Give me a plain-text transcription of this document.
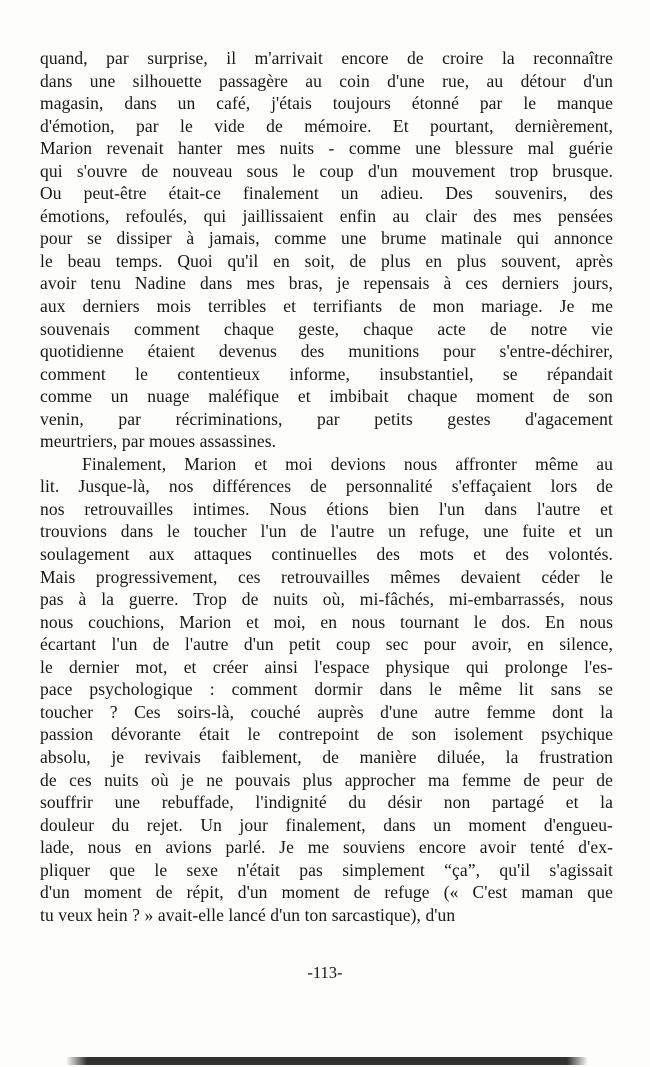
quand, par surprise, il m'arrivait encore de croire la reconnaître
dans une silhouette passagère au coin d'une rue, au détour d'un
magasin, dans un café, j'étais toujours étonné par le manque
d'émotion, par le vide de mémoire. Et pourtant, dernièrement,
Marion revenait hanter mes nuits - comme une blessure mal guérie
qui s'ouvre de nouveau sous le coup d'un mouvement trop brusque.
Ou peut-être était-ce finalement un adieu. Des souvenirs, des
émotions, refoulés, qui jaillissaient enfin au clair des mes pensées
pour se dissiper à jamais, comme une brume matinale qui annonce
le beau temps. Quoi qu'il en soit, de plus en plus souvent, après
avoir tenu Nadine dans mes bras, je repensais à ces derniers jours,
aux derniers mois terribles et terrifiants de mon mariage. Je me
souvenais comment chaque geste, chaque acte de notre vie
quotidienne étaient devenus des munitions pour s'entre-déchirer,
comment le contentieux informe, insubstantiel, se répandait
comme un nuage maléfique et imbibait chaque moment de son
venin, par récriminations, par petits gestes d'agacement
meurtriers, par moues assassines.

Finalement, Marion et moi devions nous affronter même au
lit. Jusque-là, nos différences de personnalité s'effaçaient lors de
nos retrouvailles intimes. Nous étions bien l'un dans l'autre et
trouvions dans le toucher l'un de l'autre un refuge, une fuite et un
soulagement aux attaques continuelles des mots et des volontés.
Mais progressivement, ces retrouvailles mêmes devaient céder le
pas à la guerre. Trop de nuits où, mi-fâchés, mi-embarrassés, nous
nous couchions, Marion et moi, en nous tournant le dos. En nous
écartant l'un de l'autre d'un petit coup sec pour avoir, en silence,
le dernier mot, et créer ainsi l'espace physique qui prolonge l'es-
pace psychologique : comment dormir dans le même lit sans se
toucher ? Ces soirs-là, couché auprès d'une autre femme dont la
passion dévorante était le contrepoint de son isolement psychique
absolu, je revivais faiblement, de manière diluée, la frustration
de ces nuits où je ne pouvais plus approcher ma femme de peur de
souffrir une rebuffade, l'indignité du désir non partagé et la
douleur du rejet. Un jour finalement, dans un moment d'engueu-
lade, nous en avions parlé. Je me souviens encore avoir tenté d'ex-
pliquer que le sexe n'était pas simplement “ça”, qu'il s'agissait
d'un moment de répit, d'un moment de refuge (« C'est maman que
tu veux hein ? » avait-elle lancé d'un ton sarcastique), d'un

-113-
